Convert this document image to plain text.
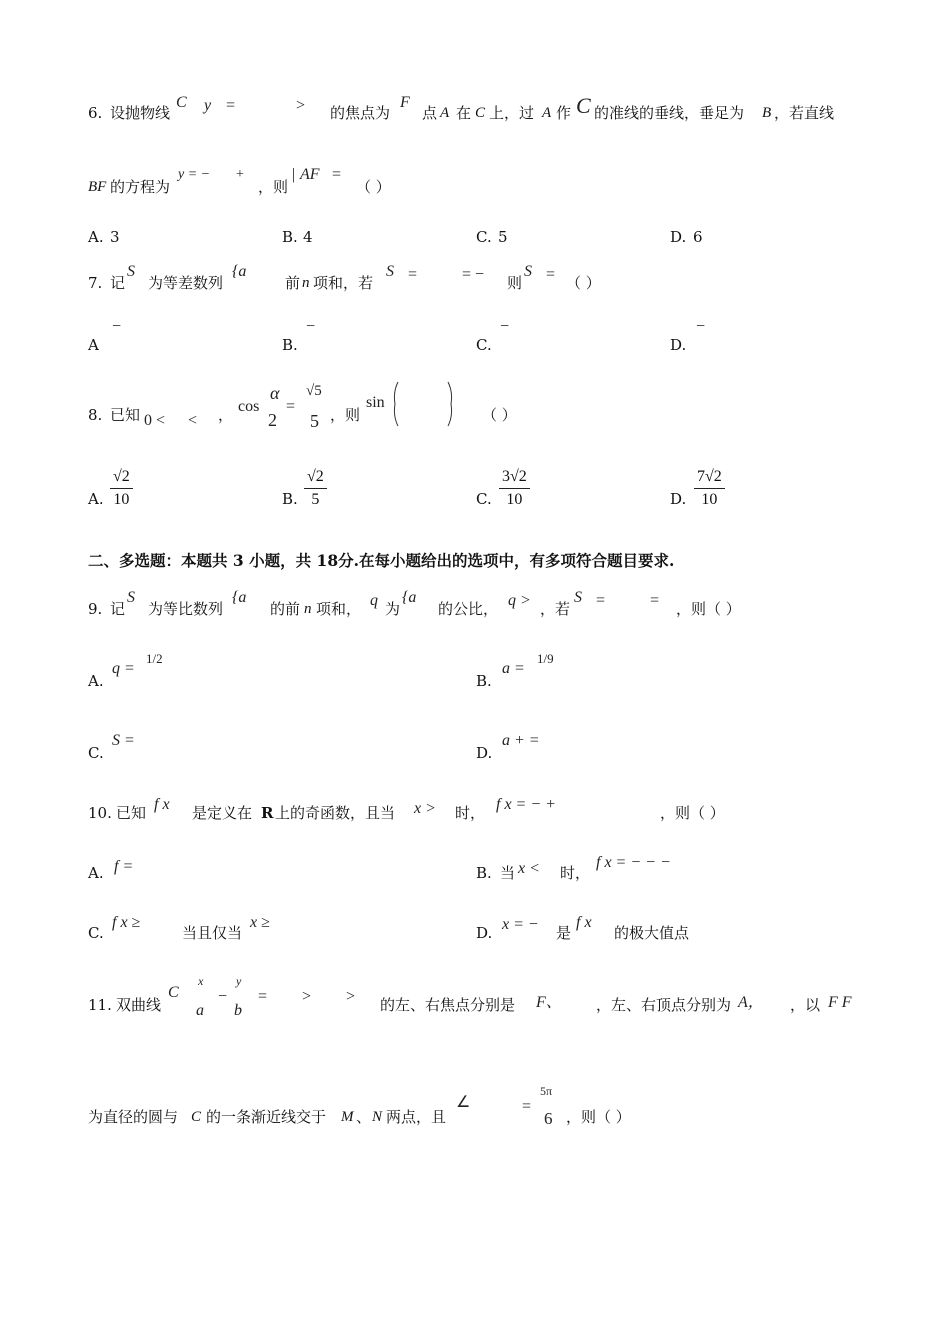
6. 设抛物线
C y =	> 的焦点为
F
点 A 在 C 上，过 A 作 C 的准线的垂线，垂足为 B ，若直线
BF 的方程为
y = − +
，则
| AF =
（ ）
A. 3	B. 4	C. 5	D. 6
7. 记
S
为等差数列
{a
前 n 项和，若
S =	= − 则
S = （ ）
A
−
B.
−
C.
−
D.
−
8. 已知 0 < < ， cos
α
2
=
√5
5 ，则
sin
（ ）
A.
√2
10	B.
√2
5	C.
3√2
10	D.
7√2
10
二、多选题：本题共 3 小题，共 18分.在每小题给出的选项中，有多项符合题目要求.
9. 记
S
为等比数列
{a
的前 n 项和， q 为
{a
的公比， q > ，若
S =	= ，则（ ）
A.
q =
1/2
B.
a =
1/9
C.
S =
D.
a + =
10. 已知 f x 是定义在 R 上的奇函数，且当 x > 时， f x = − +	，则（ ）
A. f =	B. 当 x < 时，
f x = − − −
C.
f x ≥
当且仅当
x ≥
D. x = − 是
f x
的极大值点
11. 双曲线
C
x
a
−
y
b
= > > 的左、右焦点分别是 F、 ，左、右顶点分别为 A， ，以 F F
为直径的圆与 C 的一条渐近线交于 M 、 N 两点，且
∠	=
5π
6 ，则（ ）
